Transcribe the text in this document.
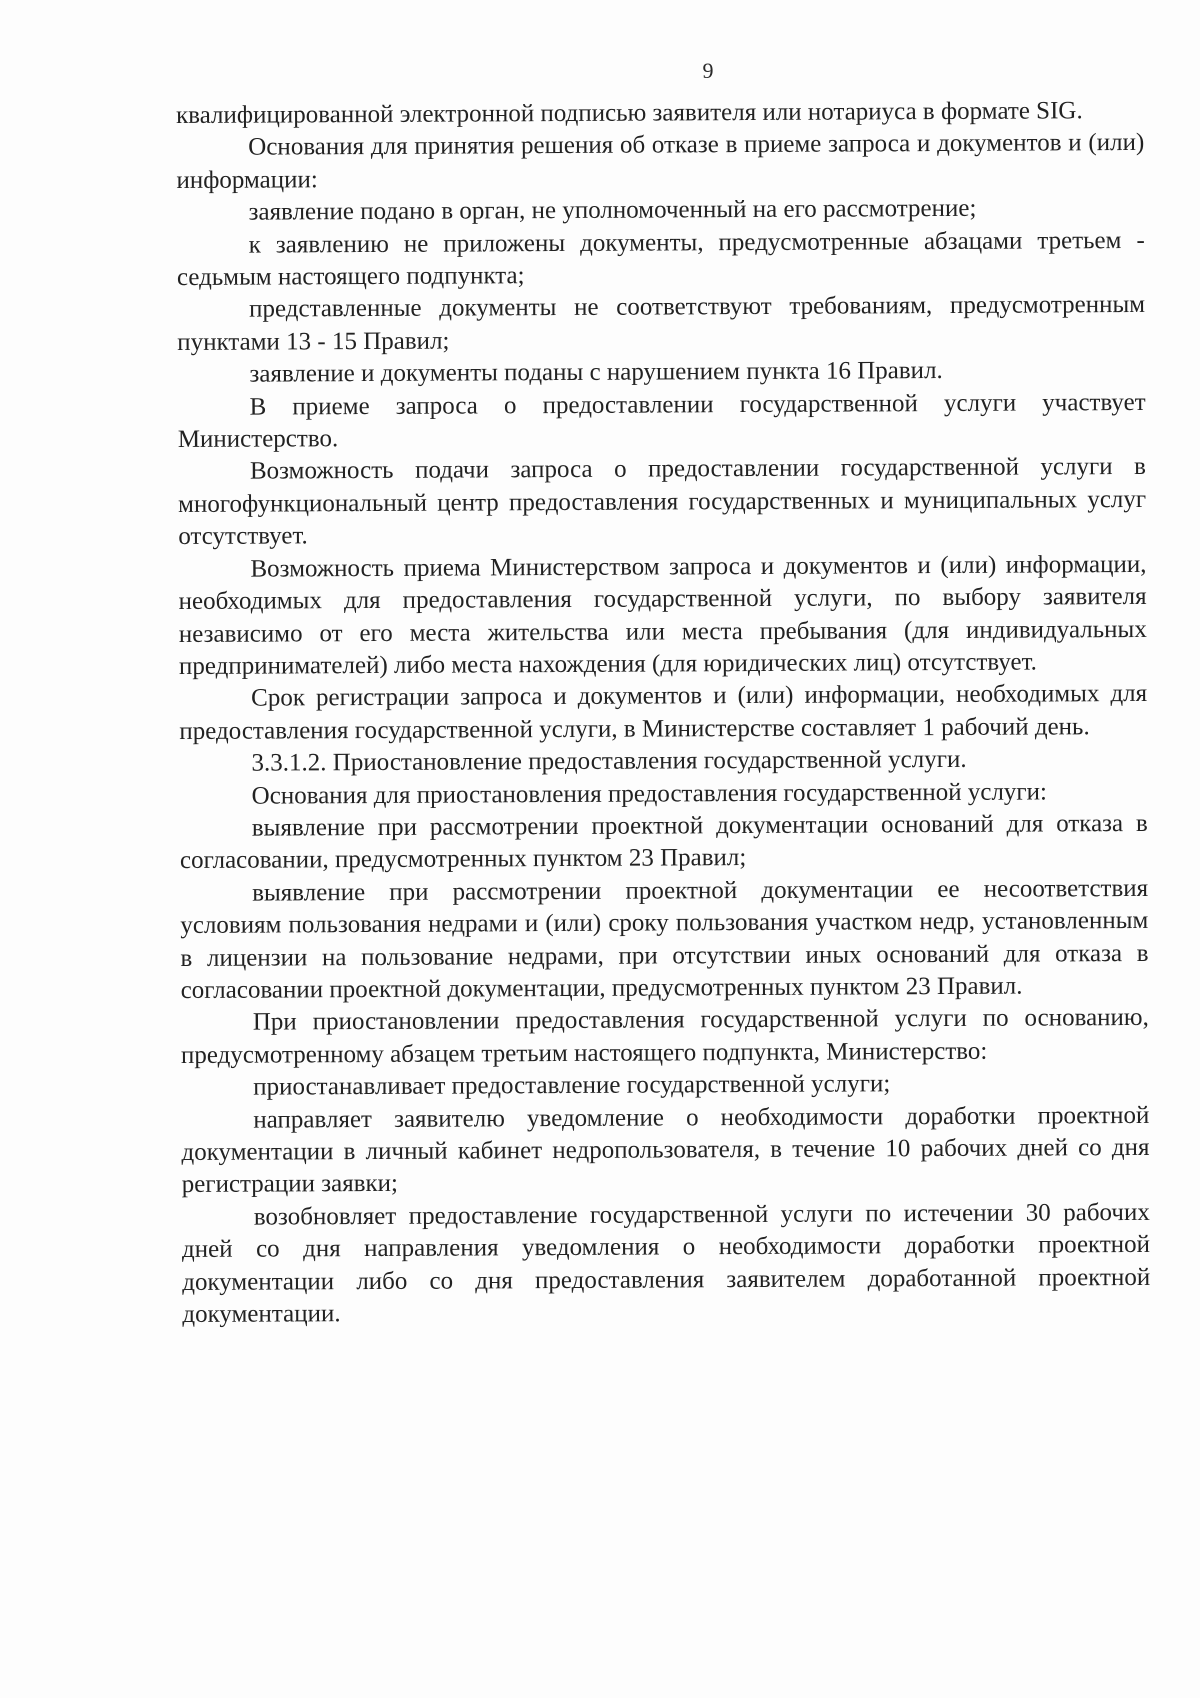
9

квалифицированной электронной подписью заявителя или нотариуса в формате SIG.

Основания для принятия решения об отказе в приеме запроса и документов и (или) информации:

заявление подано в орган, не уполномоченный на его рассмотрение;

к заявлению не приложены документы, предусмотренные абзацами третьем - седьмым настоящего подпункта;

представленные документы не соответствуют требованиям, предусмотренным пунктами 13 - 15 Правил;

заявление и документы поданы с нарушением пункта 16 Правил.

В приеме запроса о предоставлении государственной услуги участвует Министерство.

Возможность подачи запроса о предоставлении государственной услуги в многофункциональный центр предоставления государственных и муниципальных услуг отсутствует.

Возможность приема Министерством запроса и документов и (или) информации, необходимых для предоставления государственной услуги, по выбору заявителя независимо от его места жительства или места пребывания (для индивидуальных предпринимателей) либо места нахождения (для юридических лиц) отсутствует.

Срок регистрации запроса и документов и (или) информации, необходимых для предоставления государственной услуги, в Министерстве составляет 1 рабочий день.

3.3.1.2. Приостановление предоставления государственной услуги.

Основания для приостановления предоставления государственной услуги:

выявление при рассмотрении проектной документации оснований для отказа в согласовании, предусмотренных пунктом 23 Правил;

выявление при рассмотрении проектной документации ее несоответствия условиям пользования недрами и (или) сроку пользования участком недр, установленным в лицензии на пользование недрами, при отсутствии иных оснований для отказа в согласовании проектной документации, предусмотренных пунктом 23 Правил.

При приостановлении предоставления государственной услуги по основанию, предусмотренному абзацем третьим настоящего подпункта, Министерство:

приостанавливает предоставление государственной услуги;

направляет заявителю уведомление о необходимости доработки проектной документации в личный кабинет недропользователя, в течение 10 рабочих дней со дня регистрации заявки;

возобновляет предоставление государственной услуги по истечении 30 рабочих дней со дня направления уведомления о необходимости доработки проектной документации либо со дня предоставления заявителем доработанной проектной документации.
